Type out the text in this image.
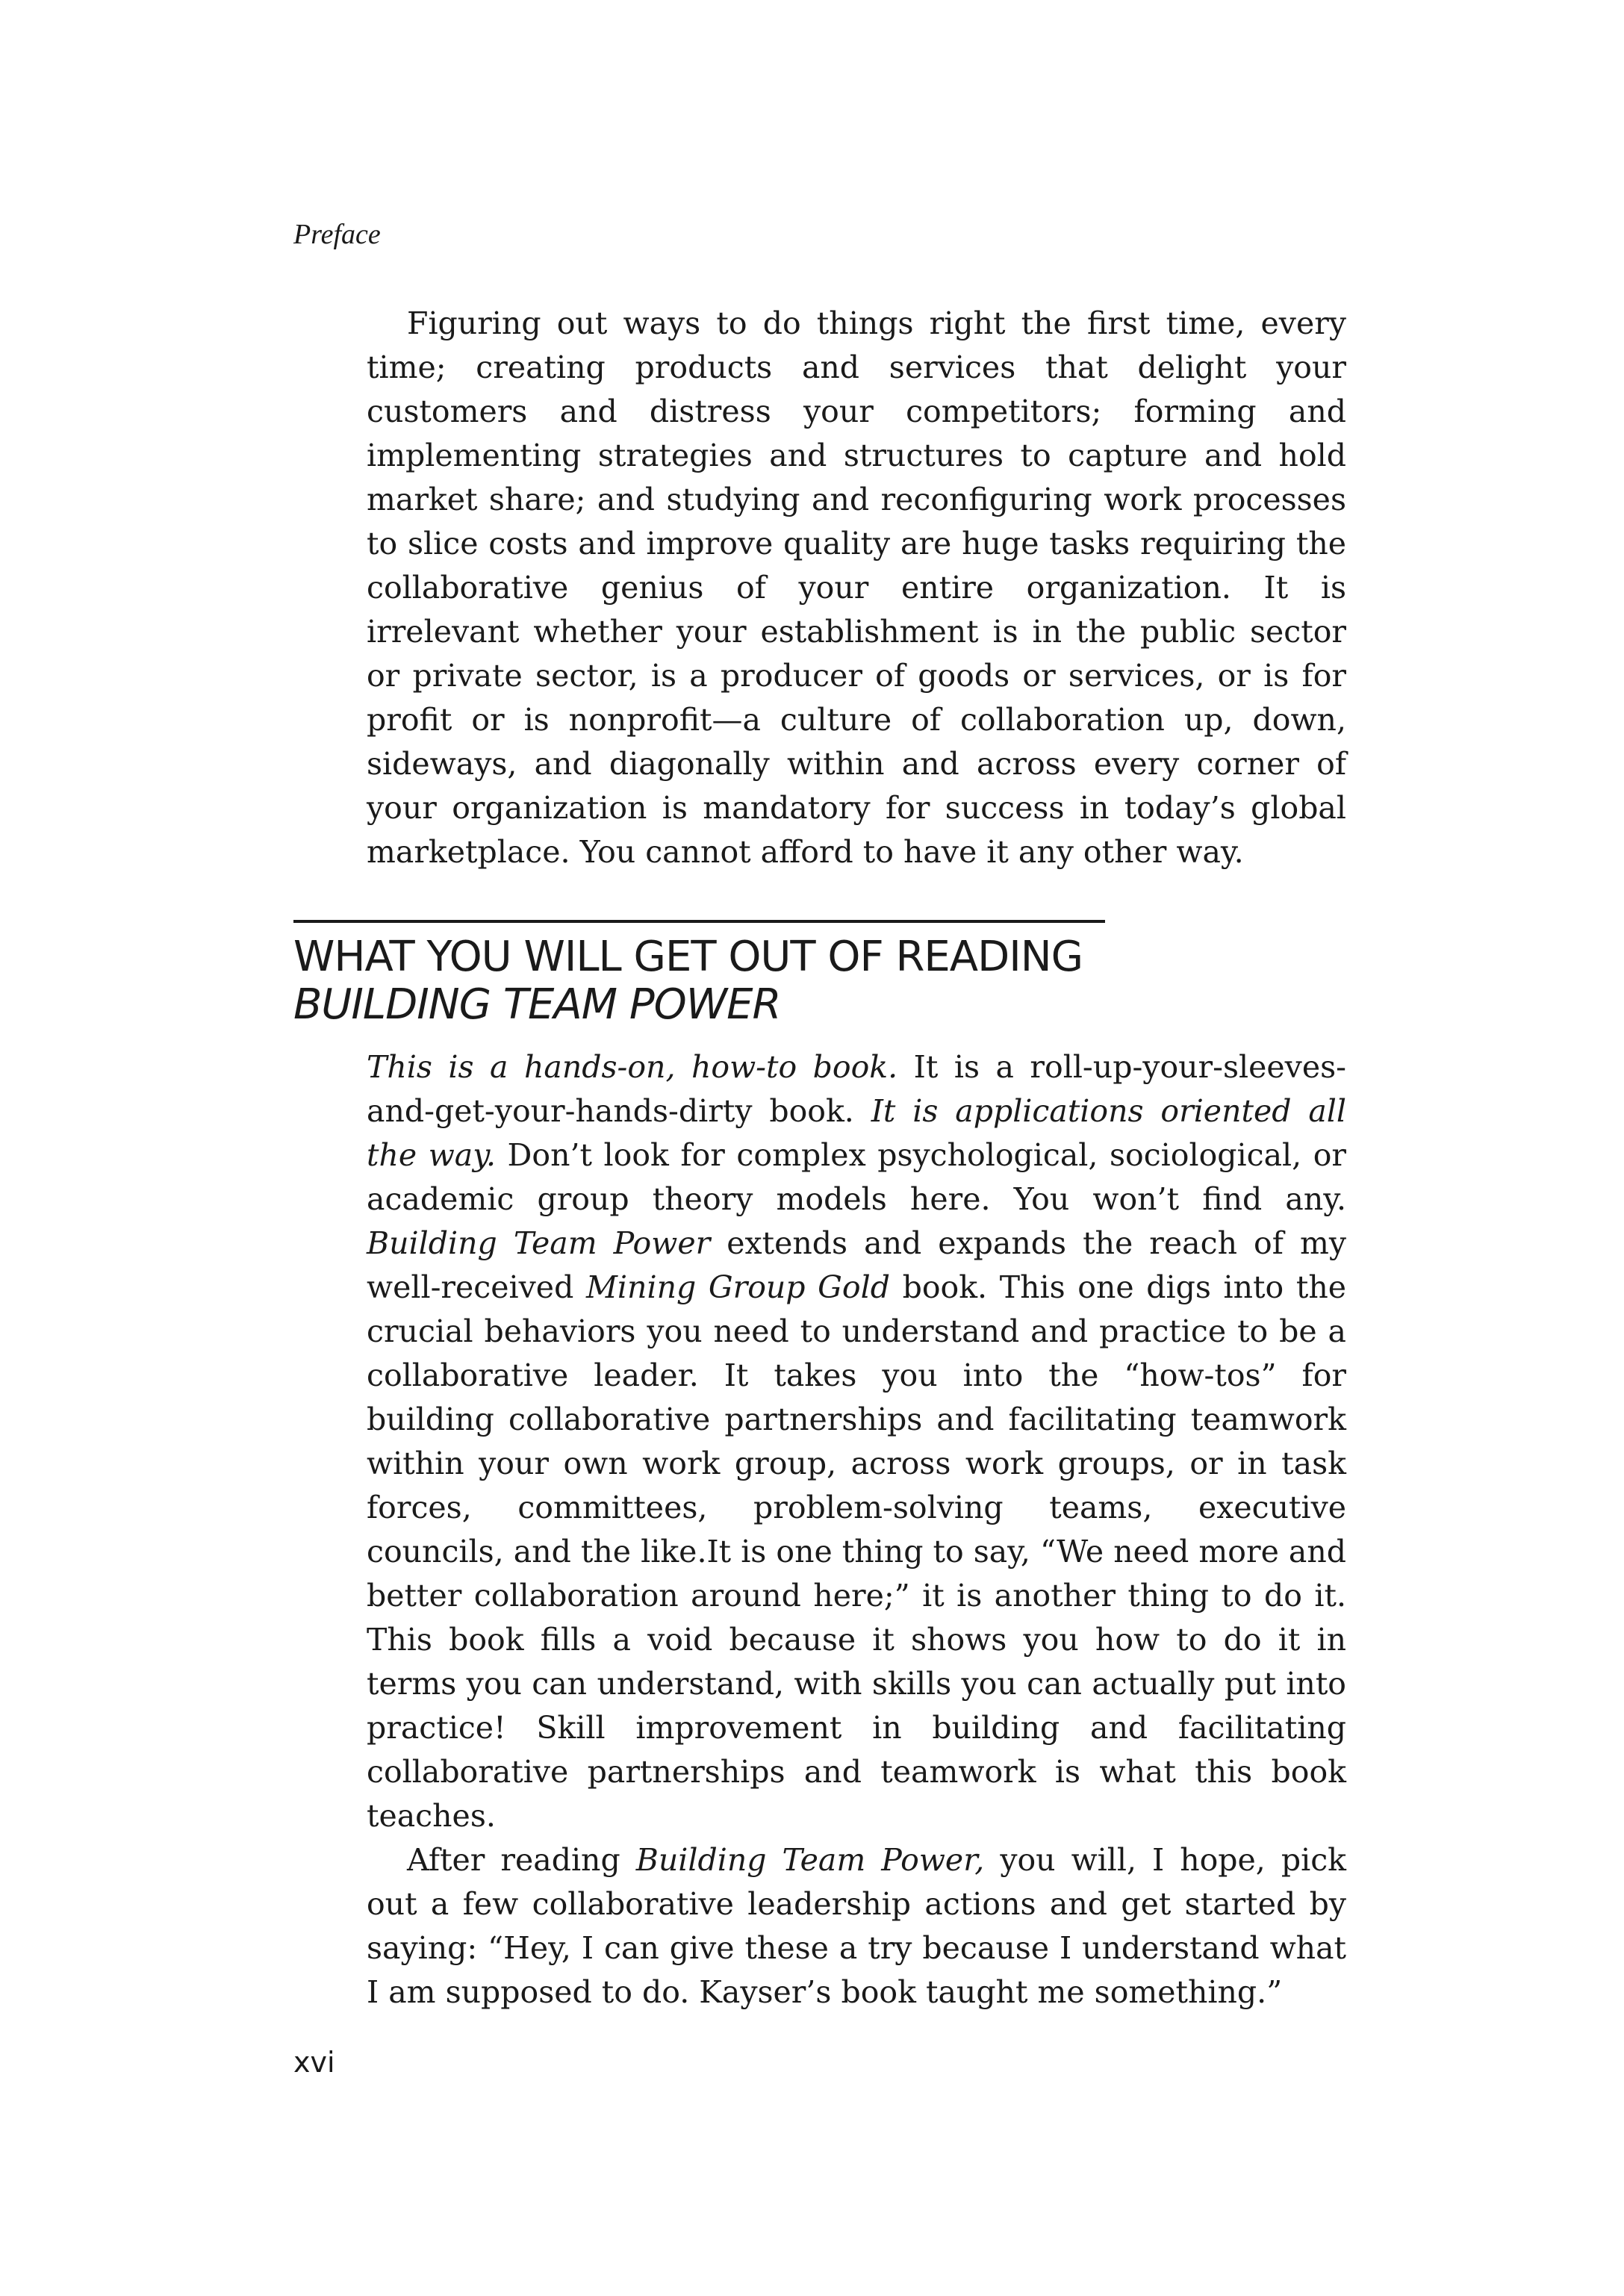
Preface

Figuring out ways to do things right the first time, every time; creating products and services that delight your customers and distress your competitors; forming and implementing strategies and structures to capture and hold market share; and studying and reconfiguring work processes to slice costs and improve quality are huge tasks requiring the collaborative genius of your entire organization. It is irrelevant whether your establishment is in the public sector or private sector, is a producer of goods or services, or is for profit or is nonprofit—a culture of collaboration up, down, sideways, and diagonally within and across every corner of your organization is mandatory for success in today’s global marketplace. You cannot afford to have it any other way.

WHAT YOU WILL GET OUT OF READING
BUILDING TEAM POWER

This is a hands-on, how-to book. It is a roll-up-your-sleeves-and-get-your-hands-dirty book. It is applications oriented all the way. Don’t look for complex psychological, sociological, or academic group theory models here. You won’t find any. Building Team Power extends and expands the reach of my well-received Mining Group Gold book. This one digs into the crucial behaviors you need to understand and practice to be a collaborative leader. It takes you into the “how-tos” for building collaborative partnerships and facilitating teamwork within your own work group, across work groups, or in task forces, committees, problem-solving teams, executive councils, and the like.It is one thing to say, “We need more and better collaboration around here;” it is another thing to do it. This book fills a void because it shows you how to do it in terms you can understand, with skills you can actually put into practice! Skill improvement in building and facilitating collaborative partnerships and teamwork is what this book teaches.

After reading Building Team Power, you will, I hope, pick out a few collaborative leadership actions and get started by saying: “Hey, I can give these a try because I understand what I am supposed to do. Kayser’s book taught me something.”

xvi
